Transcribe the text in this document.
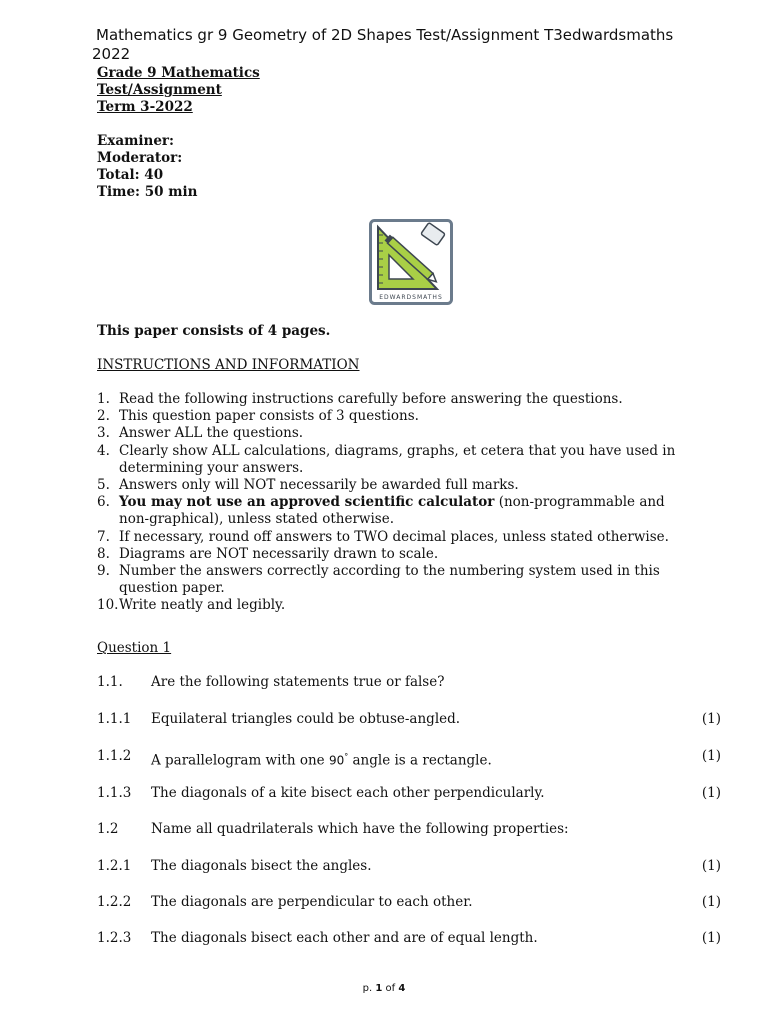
Mathematics gr 9 Geometry of 2D Shapes Test/Assignment T3edwardsmaths 2022

Grade 9 Mathematics
Test/Assignment
Term 3-2022
Examiner:
Moderator:
Total: 40
Time: 50 min
EDWARDSMATHS
This paper consists of 4 pages.
INSTRUCTIONS AND INFORMATION
1. Read the following instructions carefully before answering the questions.
2. This question paper consists of 3 questions.
3. Answer ALL the questions.
4. Clearly show ALL calculations, diagrams, graphs, et cetera that you have used in determining your answers.
5. Answers only will NOT necessarily be awarded full marks.
6. You may not use an approved scientific calculator (non-programmable and non-graphical), unless stated otherwise.
7. If necessary, round off answers to TWO decimal places, unless stated otherwise.
8. Diagrams are NOT necessarily drawn to scale.
9. Number the answers correctly according to the numbering system used in this question paper.
10. Write neatly and legibly.
Question 1
1.1. Are the following statements true or false?
1.1.1 Equilateral triangles could be obtuse-angled.	(1)
1.1.2 A parallelogram with one 90° angle is a rectangle.	(1)
1.1.3 The diagonals of a kite bisect each other perpendicularly.	(1)
1.2 Name all quadrilaterals which have the following properties:
1.2.1 The diagonals bisect the angles.	(1)
1.2.2 The diagonals are perpendicular to each other.	(1)
1.2.3 The diagonals bisect each other and are of equal length.	(1)
p. 1 of 4
